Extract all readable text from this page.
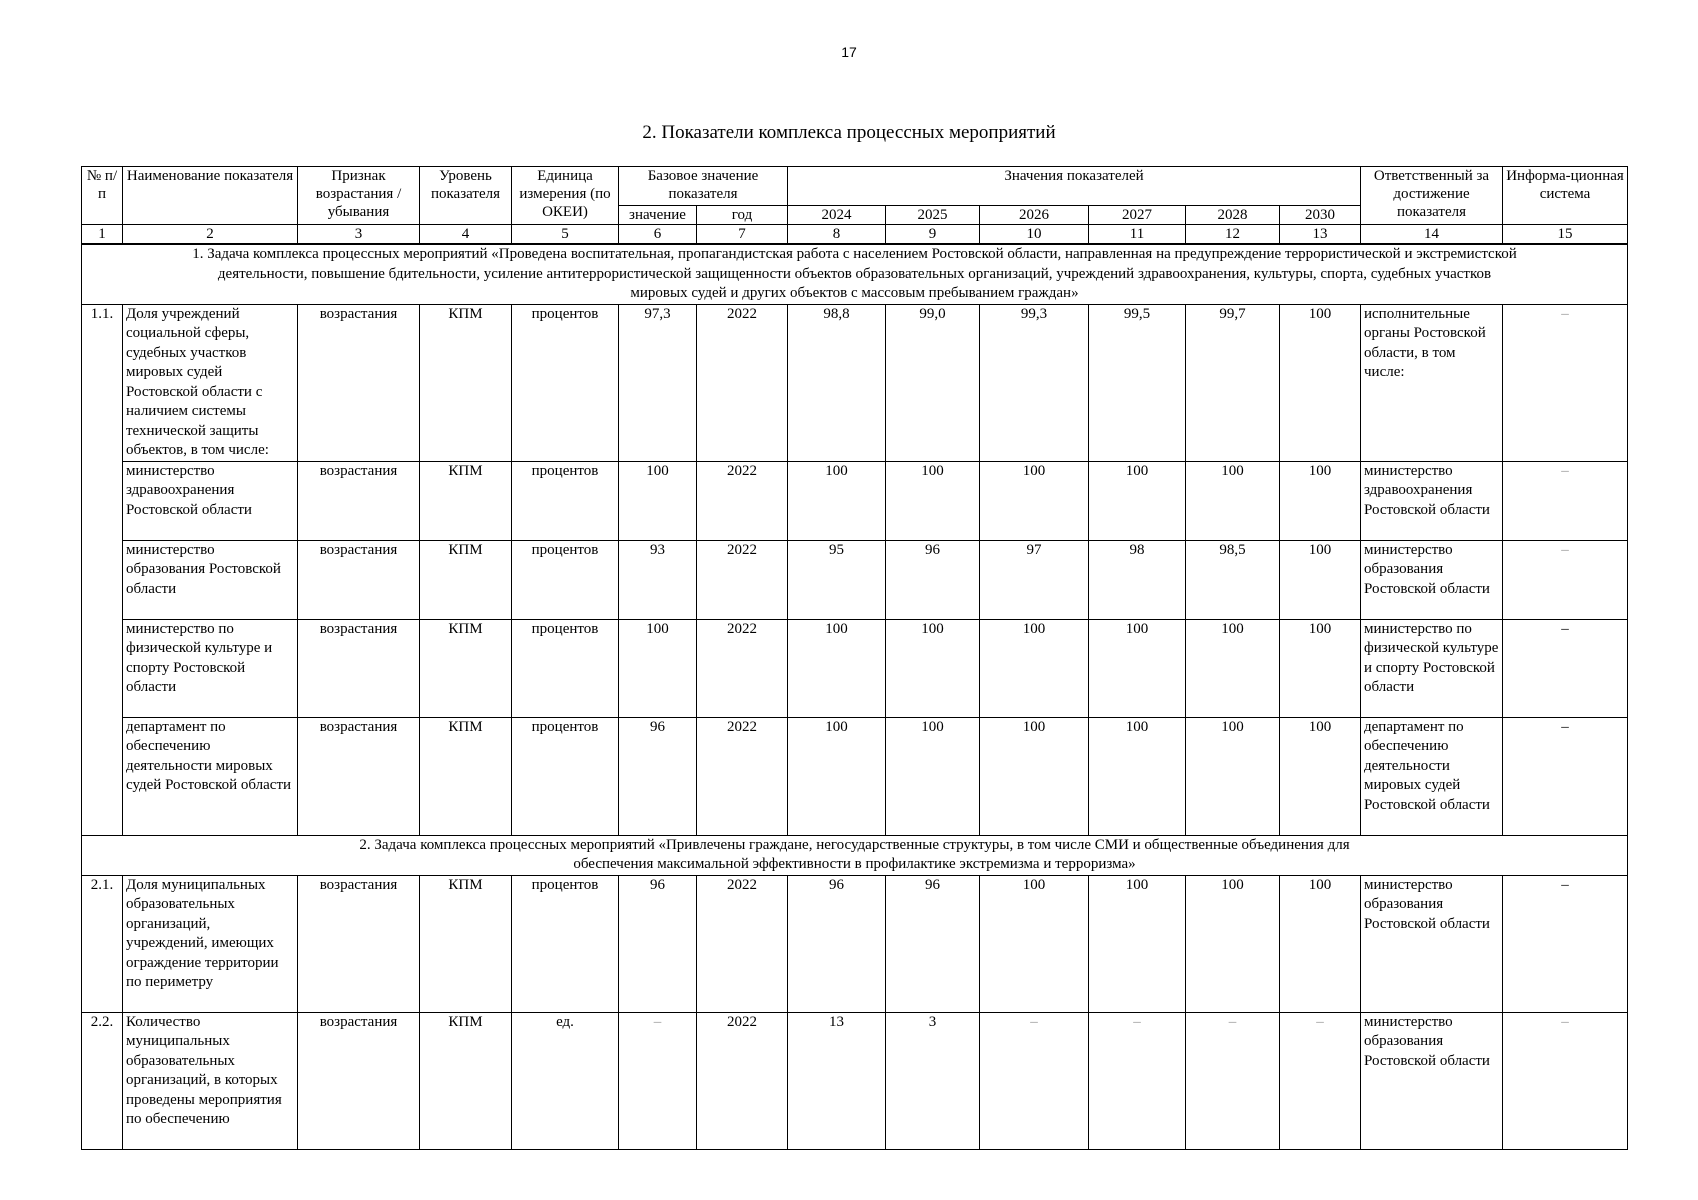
17
2. Показатели комплекса процессных мероприятий
№ п/п	Наименование показателя	Признак возрастания / убывания	Уровень показателя	Единица измерения (по ОКЕИ)	Базовое значение показателя		Значения показателей						Ответственный за достижение показателя	Информа-ционная система
					значение	год	2024	2025	2026	2027	2028	2030		
1	2	3	4	5	6	7	8	9	10	11	12	13	14	15
1. Задача комплекса процессных мероприятий «Проведена воспитательная, пропагандистская работа с населением Ростовской области, направленная на предупреждение террористической и экстремистской деятельности, повышение бдительности, усиление антитеррористической защищенности объектов образовательных организаций, учреждений здравоохранения, культуры, спорта, судебных участков мировых судей и других объектов с массовым пребыванием граждан»														
1.1.	Доля учреждений социальной сферы, судебных участков мировых судей Ростовской области с наличием системы технической защиты объектов, в том числе:	возрастания	КПМ	процентов	97,3	2022	98,8	99,0	99,3	99,5	99,7	100	исполнительные органы Ростовской области, в том числе:	–
	министерство здравоохранения Ростовской области	возрастания	КПМ	процентов	100	2022	100	100	100	100	100	100	министерство здравоохранения Ростовской области	–
	министерство образования Ростовской области	возрастания	КПМ	процентов	93	2022	95	96	97	98	98,5	100	министерство образования Ростовской области	–
	министерство по физической культуре и спорту Ростовской области	возрастания	КПМ	процентов	100	2022	100	100	100	100	100	100	министерство по физической культуре и спорту Ростовской области	–
	департамент по обеспечению деятельности мировых судей Ростовской области	возрастания	КПМ	процентов	96	2022	100	100	100	100	100	100	департамент по обеспечению деятельности мировых судей Ростовской области	–
2. Задача комплекса процессных мероприятий «Привлечены граждане, негосударственные структуры, в том числе СМИ и общественные объединения для обеспечения максимальной эффективности в профилактике экстремизма и терроризма»														
2.1.	Доля муниципальных образовательных организаций, учреждений, имеющих ограждение территории по периметру	возрастания	КПМ	процентов	96	2022	96	96	100	100	100	100	министерство образования Ростовской области	–
2.2.	Количество муниципальных образовательных организаций, в которых проведены мероприятия по обеспечению	возрастания	КПМ	ед.	–	2022	13	3	–	–	–	–	министерство образования Ростовской области	–
